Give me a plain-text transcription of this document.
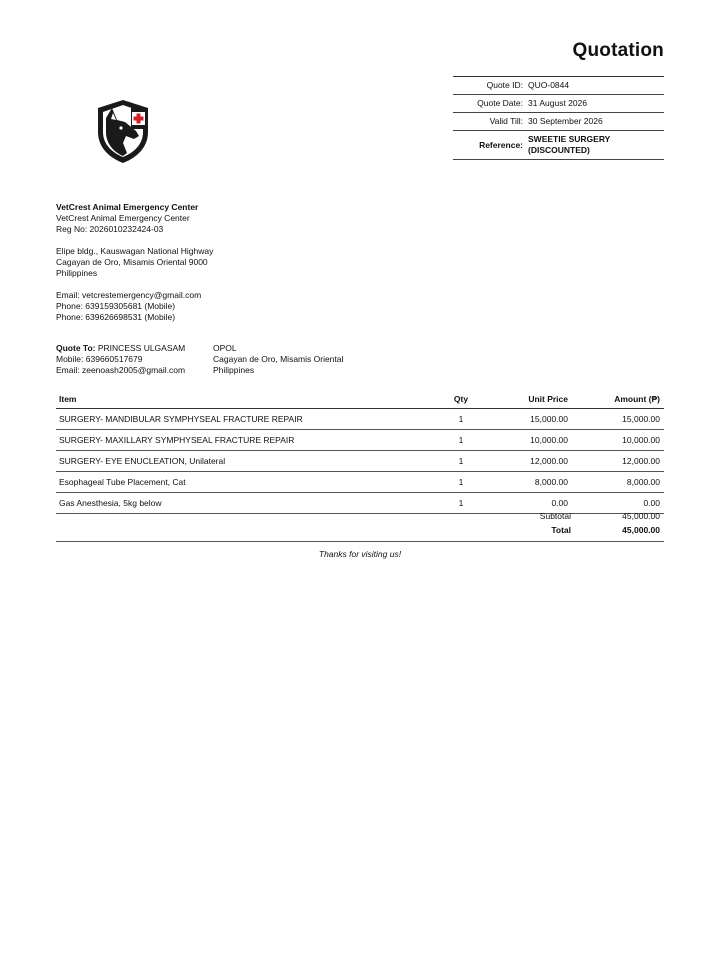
Quotation
Quote ID: QUO-0844
Quote Date: 31 August 2026
Valid Till: 30 September 2026
Reference:
SWEETIE SURGERY
(DISCOUNTED)
VetCrest Animal Emergency Center
VetCrest Animal Emergency Center
Reg No: 2026010232424-03
Elipe bldg., Kauswagan National Highway
Cagayan de Oro, Misamis Oriental 9000
Philippines
Email: vetcrestemergency@gmail.com
Phone: 639159305681 (Mobile)
Phone: 639626698531 (Mobile)
Quote To: PRINCESS ULGASAM
Mobile: 639660517679
Email: zeenoash2005@gmail.com
OPOL
Cagayan de Oro, Misamis Oriental
Philippines
Item	Qty	Unit Price	Amount (₱)
SURGERY- MANDIBULAR SYMPHYSEAL FRACTURE REPAIR	1	15,000.00	15,000.00
SURGERY- MAXILLARY SYMPHYSEAL FRACTURE REPAIR	1	10,000.00	10,000.00
SURGERY- EYE ENUCLEATION, Unilateral	1	12,000.00	12,000.00
Esophageal Tube Placement, Cat	1	8,000.00	8,000.00
Gas Anesthesia, 5kg below	1	0.00	0.00
Subtotal	45,000.00
Total	45,000.00
Thanks for visiting us!
